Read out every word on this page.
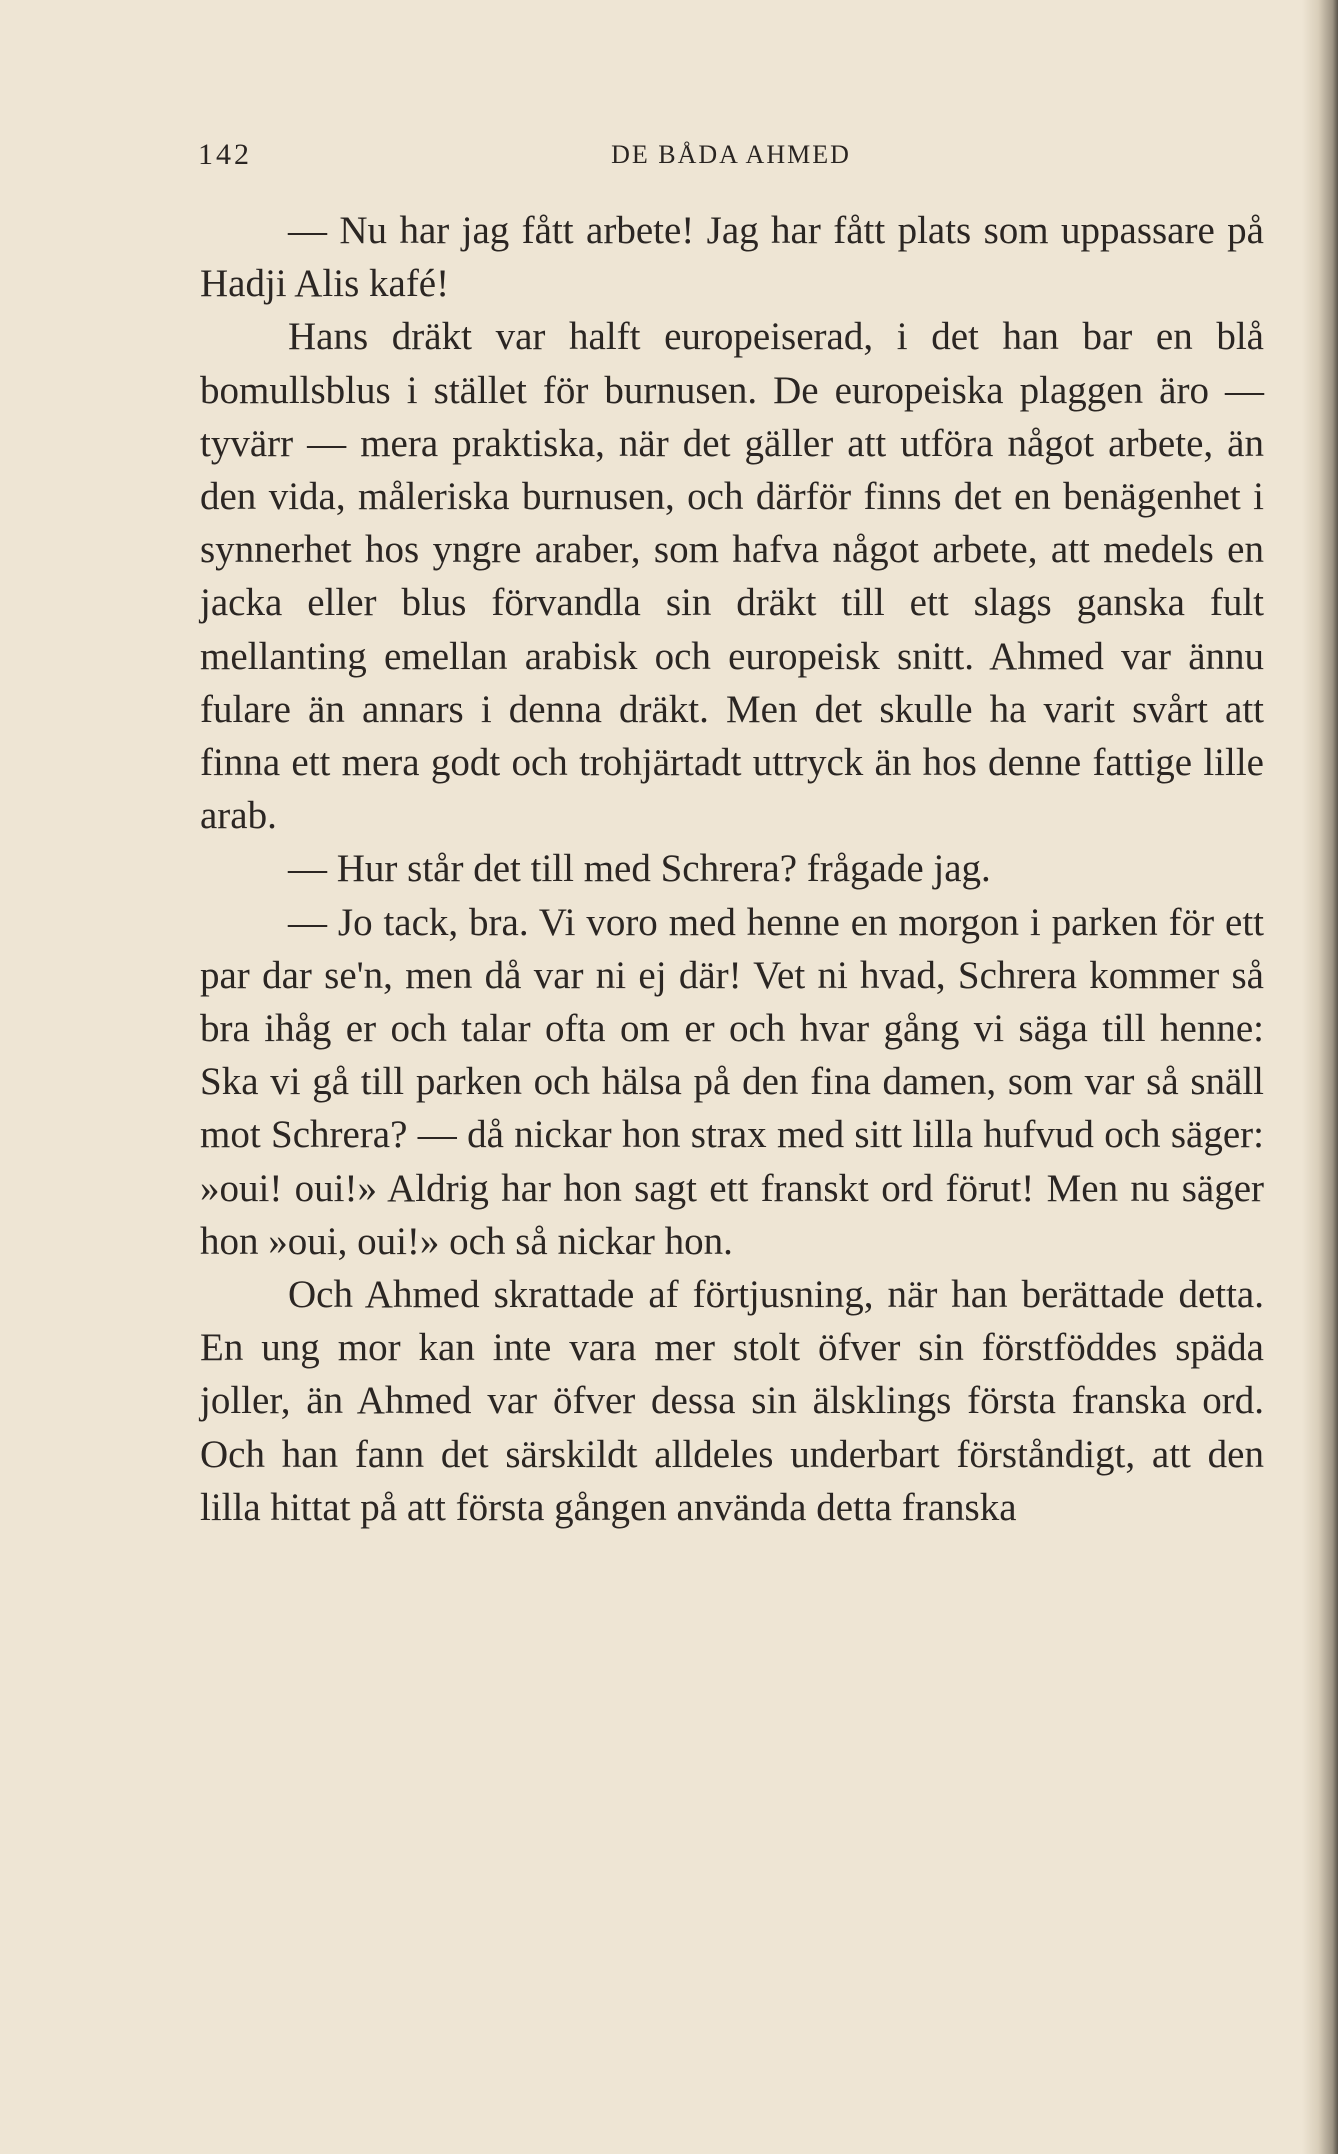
142	DE BÅDA AHMED

— Nu har jag fått arbete! Jag har fått plats som uppassare på Hadji Alis kafé!

Hans dräkt var halft europeiserad, i det han bar en blå bomullsblus i stället för burnusen. De europeiska plaggen äro — tyvärr — mera praktiska, när det gäller att utföra något arbete, än den vida, måleriska burnusen, och därför finns det en benägenhet i synnerhet hos yngre araber, som hafva något arbete, att medels en jacka eller blus förvandla sin dräkt till ett slags ganska fult mellanting emellan arabisk och europeisk snitt. Ahmed var ännu fulare än annars i denna dräkt. Men det skulle ha varit svårt att finna ett mera godt och trohjärtadt uttryck än hos denne fattige lille arab.

— Hur står det till med Schrera? frågade jag.

— Jo tack, bra. Vi voro med henne en morgon i parken för ett par dar se'n, men då var ni ej där! Vet ni hvad, Schrera kommer så bra ihåg er och talar ofta om er och hvar gång vi säga till henne: Ska vi gå till parken och hälsa på den fina damen, som var så snäll mot Schrera? — då nickar hon strax med sitt lilla hufvud och säger: »oui! oui!» Aldrig har hon sagt ett franskt ord förut! Men nu säger hon »oui, oui!» och så nickar hon.

Och Ahmed skrattade af förtjusning, när han berättade detta. En ung mor kan inte vara mer stolt öfver sin förstföddes späda joller, än Ahmed var öfver dessa sin älsklings första franska ord. Och han fann det särskildt alldeles underbart förståndigt, att den lilla hittat på att första gången använda detta franska
